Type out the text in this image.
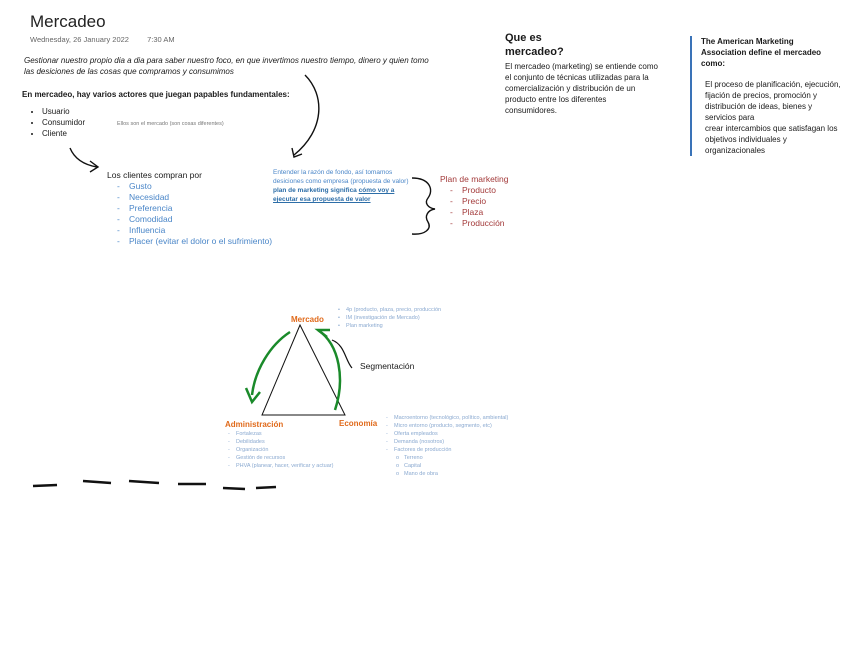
Mercadeo
Wednesday, 26 January 2022 7:30 AM
Gestionar nuestro propio dia a dia para saber nuestro foco, en que invertimos nuestro tiempo, dinero y quien tomo las desiciones de las cosas que compramos y consumimos
En mercadeo, hay varios actores que juegan papables fundamentales:
• Usuario
• Consumidor
• Cliente
Ellos son el mercado (son cosas diferentes)
Los clientes compran por
- Gusto
- Necesidad
- Preferencia
- Comodidad
- Influencia
- Placer (evitar el dolor o el sufrimiento)
Entender la razón de fondo, así tomamos desiciones como empresa (propuesta de valor) plan de marketing significa cómo voy a ejecutar esa propuesta de valor
Plan de marketing
- Producto
- Precio
- Plaza
- Producción
Que es
mercadeo?
El mercadeo (marketing) se entiende como el conjunto de técnicas utilizadas para la comercialización y distribución de un producto entre los diferentes consumidores.
The American Marketing Association define el mercadeo como:
El proceso de planificación, ejecución, fijación de precios, promoción y distribución de ideas, bienes y servicios para
crear intercambios que satisfagan los objetivos individuales y organizacionales
Mercado
Administración	Economía
Segmentación
• 4p (producto, plaza, precio, producción
• IM (investigación de Mercado)
• Plan marketing
- Fortalezas
- Debilidades
- Organización
- Gestión de recursos
- PHVA (planear, hacer, verificar y actuar)
- Macroentorno (tecnológico, político, ambiental)
- Micro entorno (producto, segmento, etc)
- Oferta empleados
- Demanda (nosotros)
- Factores de producción
o Terreno
o Capital
o Mano de obra
